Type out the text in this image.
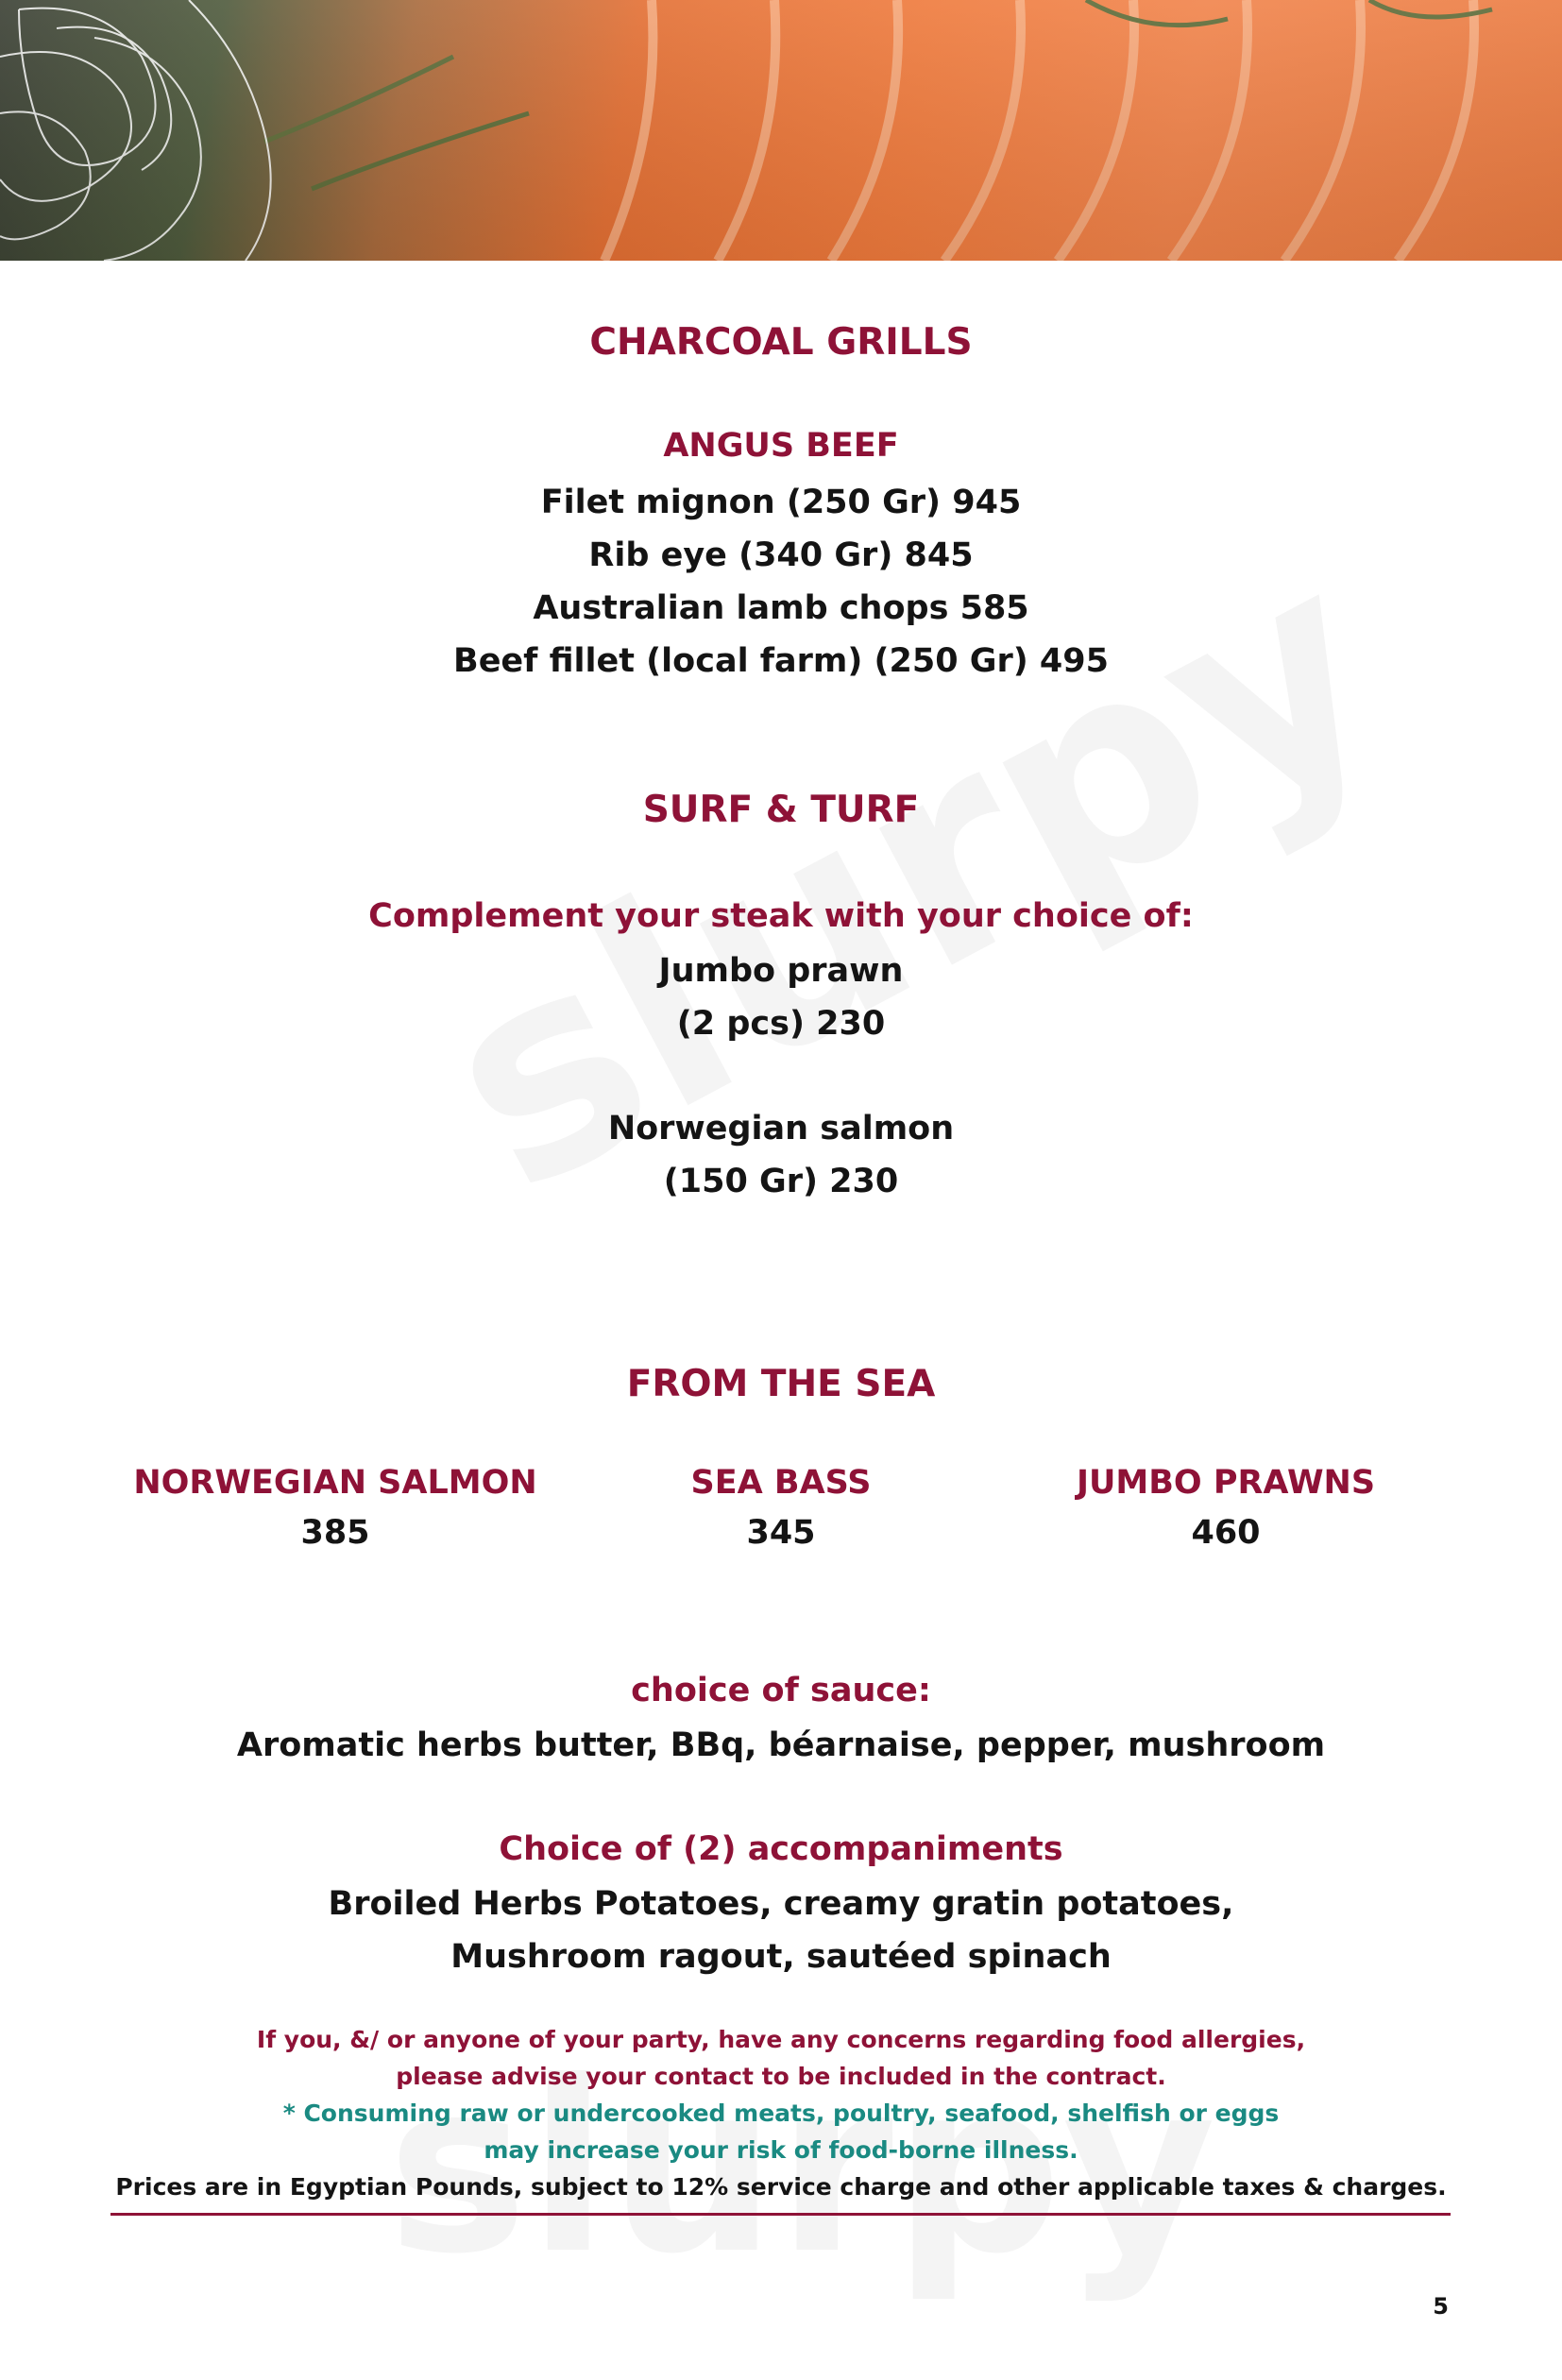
CHARCOAL GRILLS
ANGUS BEEF
Filet mignon (250 Gr) 945
Rib eye (340 Gr) 845
Australian lamb chops 585
Beef fillet (local farm) (250 Gr) 495
SURF & TURF
Complement your steak with your choice of:
Jumbo prawn
(2 pcs) 230
Norwegian salmon
(150 Gr) 230
FROM THE SEA
NORWEGIAN SALMON
385
SEA BASS
345
JUMBO PRAWNS
460
choice of sauce:
Aromatic herbs butter, BBq, béarnaise, pepper, mushroom
Choice of (2) accompaniments
Broiled Herbs Potatoes, creamy gratin potatoes,
Mushroom ragout, sautéed spinach
If you, &/ or anyone of your party, have any concerns regarding food allergies,
please advise your contact to be included in the contract.
* Consuming raw or undercooked meats, poultry, seafood, shelfish or eggs
may increase your risk of food-borne illness.
Prices are in Egyptian Pounds, subject to 12% service charge and other applicable taxes & charges.
5
